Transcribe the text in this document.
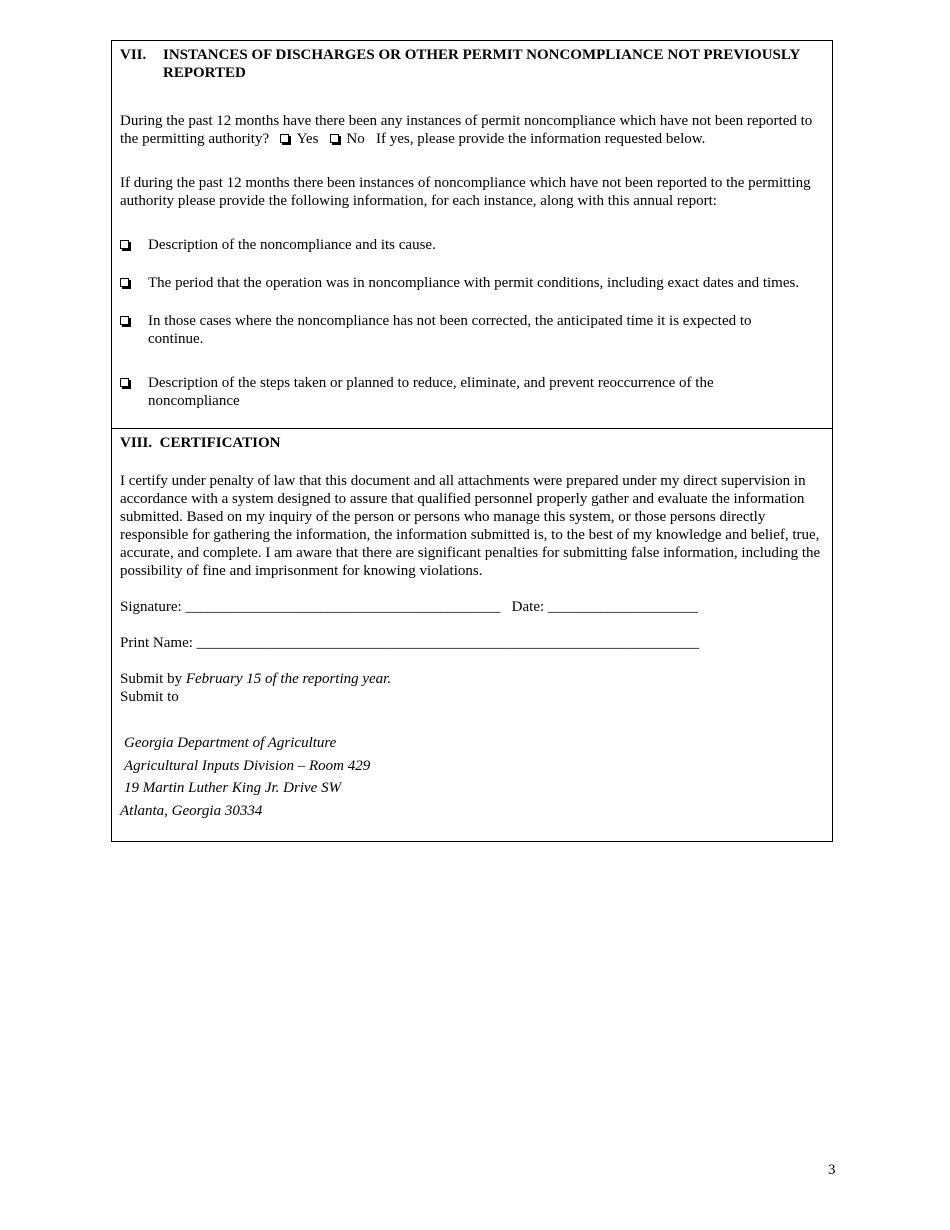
VII.	INSTANCES OF DISCHARGES OR OTHER PERMIT NONCOMPLIANCE NOT PREVIOUSLY REPORTED

During the past 12 months have there been any instances of permit noncompliance which have not been reported to the permitting authority? Yes No If yes, please provide the information requested below.

If during the past 12 months there been instances of noncompliance which have not been reported to the permitting authority please provide the following information, for each instance, along with this annual report:

Description of the noncompliance and its cause.
The period that the operation was in noncompliance with permit conditions, including exact dates and times.
In those cases where the noncompliance has not been corrected, the anticipated time it is expected to continue.
Description of the steps taken or planned to reduce, eliminate, and prevent reoccurrence of the noncompliance
VIII.
CERTIFICATION

I certify under penalty of law that this document and all attachments were prepared under my direct supervision in accordance with a system designed to assure that qualified personnel properly gather and evaluate the information submitted. Based on my inquiry of the person or persons who manage this system, or those persons directly responsible for gathering the information, the information submitted is, to the best of my knowledge and belief, true, accurate, and complete. I am aware that there are significant penalties for submitting false information, including the possibility of fine and imprisonment for knowing violations.

Signature: __________________________________________ Date: ____________________
Print Name: ___________________________________________________________________
Submit by February 15 of the reporting year.
Submit to
Georgia Department of Agriculture
Agricultural Inputs Division – Room 429
19 Martin Luther King Jr. Drive SW
Atlanta, Georgia 30334
3
